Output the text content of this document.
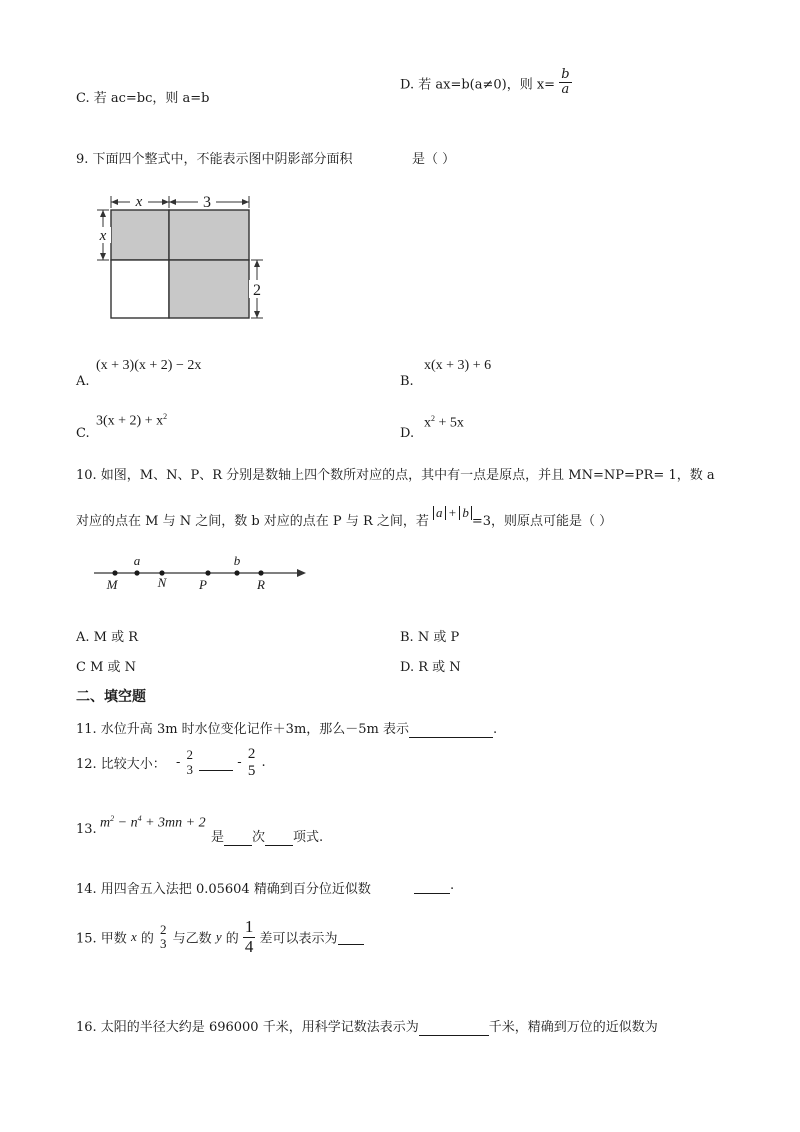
C. 若 ac=bc，则 a=b
D. 若 ax=b(a≠0)，则 $x= \frac{b}{a}$
9. 下面四个整式中，不能表示图中阴影部分面积	是（ ）
x	3
x
2
A.
(x + 3)(x + 2) − 2x
B.
x(x + 3) + 6
C.
$3(x + 2) + x^2$
D.
$x^2 + 5x$
10. 如图，M、N、P、R 分别是数轴上四个数所对应的点，其中有一点是原点，并且 MN=NP=PR= 1，数 a
对应的点在 M 与 N 之间，数 b 对应的点在 P 与 R 之间，若 a + b=3，则原点可能是（ ）
a	b
M	N	P	R
A. M 或 R	B. N 或 P
C M 或 N	D. R 或 N
二、填空题
11. 水位升高 3m 时水位变化记作＋3m，那么－5m 表示	.
12. 比较大小： -
2
3	-
2
5 .
13. $m^2 - n^4 + 3mn + 2$
是 次 项式.
14. 用四舍五入法把 0.05604 精确到百分位近似数	.
15. 甲数 x 的
2
3 与乙数 y 的 $\frac{1}{4}$ 差可以表示为
16. 太阳的半径大约是 696000 千米，用科学记数法表示为	千米，精确到万位的近似数为
